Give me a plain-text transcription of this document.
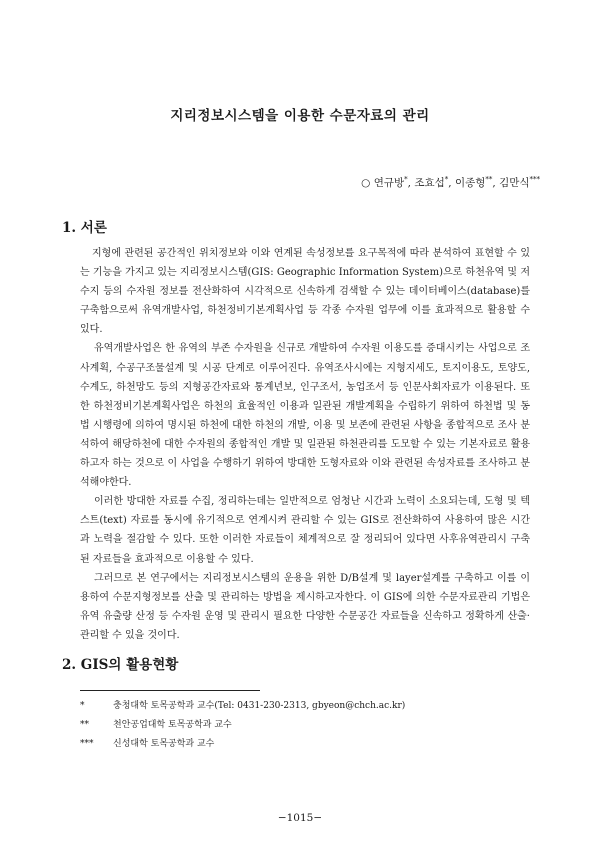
지리정보시스템을 이용한 수문자료의 관리
○ 연규방*, 조효섭*, 이종형**, 김만식***
1. 서론

지형에 관련된 공간적인 위치정보와 이와 연계된 속성정보를 요구목적에 따라 분석하여 표현할 수 있는 기능을 가지고 있는 지리정보시스템(GIS: Geographic Information System)으로 하천유역 및 저수지 등의 수자원 정보를 전산화하여 시각적으로 신속하게 검색할 수 있는 데이터베이스(database)를 구축함으로써 유역개발사업, 하천정비기본계획사업 등 각종 수자원 업무에 이를 효과적으로 활용할 수 있다.

유역개발사업은 한 유역의 부존 수자원을 신규로 개발하여 수자원 이용도를 증대시키는 사업으로 조사계획, 수공구조물설계 및 시공 단계로 이루어진다. 유역조사시에는 지형지세도, 토지이용도, 토양도, 수계도, 하천망도 등의 지형공간자료와 통계년보, 인구조서, 농업조서 등 인문사회자료가 이용된다. 또한 하천정비기본계획사업은 하천의 효율적인 이용과 일관된 개발계획을 수립하기 위하여 하천법 및 동법 시행령에 의하여 명시된 하천에 대한 하천의 개발, 이용 및 보존에 관련된 사항을 종합적으로 조사 분석하여 해당하천에 대한 수자원의 종합적인 개발 및 일관된 하천관리를 도모할 수 있는 기본자료로 활용하고자 하는 것으로 이 사업을 수행하기 위하여 방대한 도형자료와 이와 관련된 속성자료를 조사하고 분석해야한다.

이러한 방대한 자료를 수집, 정리하는데는 일반적으로 엄청난 시간과 노력이 소요되는데, 도형 및 텍스트(text) 자료를 동시에 유기적으로 연계시켜 관리할 수 있는 GIS로 전산화하여 사용하여 많은 시간과 노력을 절감할 수 있다. 또한 이러한 자료들이 체계적으로 잘 정리되어 있다면 사후유역관리시 구축된 자료들을 효과적으로 이용할 수 있다.

그러므로 본 연구에서는 지리정보시스템의 운용을 위한 D/B설계 및 layer설계를 구축하고 이를 이용하여 수문지형정보를 산출 및 관리하는 방법을 제시하고자한다. 이 GIS에 의한 수문자료관리 기법은 유역 유출량 산정 등 수자원 운영 및 관리시 필요한 다양한 수문공간 자료들을 신속하고 정확하게 산출·관리할 수 있을 것이다.

2. GIS의 활용현황
*	충청대학 토목공학과 교수(Tel: 0431-230-2313, gbyeon@chch.ac.kr)
**	천안공업대학 토목공학과 교수
***	신성대학 토목공학과 교수
−1015−
